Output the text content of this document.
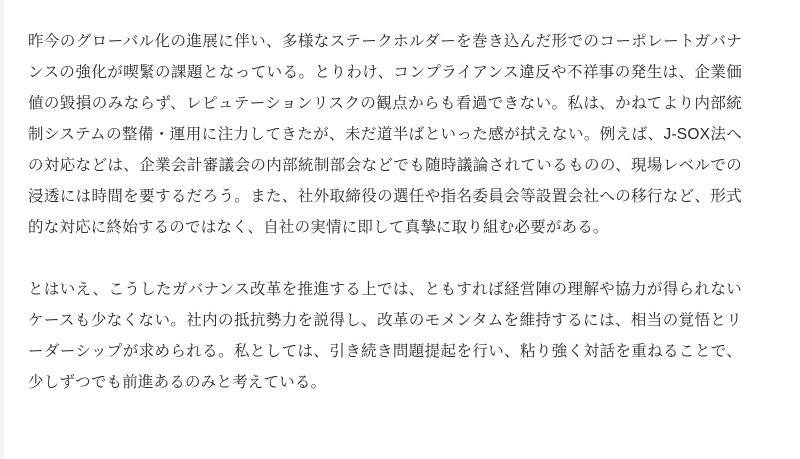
昨今のグローバル化の進展に伴い、多様なステークホルダーを巻き込んだ形でのコーポレートガバナンスの強化が喫緊の課題となっている。とりわけ、コンプライアンス違反や不祥事の発生は、企業価値の毀損のみならず、レピュテーションリスクの観点からも看過できない。私は、かねてより内部統制システムの整備・運用に注力してきたが、未だ道半ばといった感が拭えない。例えば、J-SOX法への対応などは、企業会計審議会の内部統制部会などでも随時議論されているものの、現場レベルでの浸透には時間を要するだろう。また、社外取締役の選任や指名委員会等設置会社への移行など、形式的な対応に終始するのではなく、自社の実情に即して真摯に取り組む必要がある。

とはいえ、こうしたガバナンス改革を推進する上では、ともすれば経営陣の理解や協力が得られないケースも少なくない。社内の抵抗勢力を説得し、改革のモメンタムを維持するには、相当の覚悟とリーダーシップが求められる。私としては、引き続き問題提起を行い、粘り強く対話を重ねることで、少しずつでも前進あるのみと考えている。
